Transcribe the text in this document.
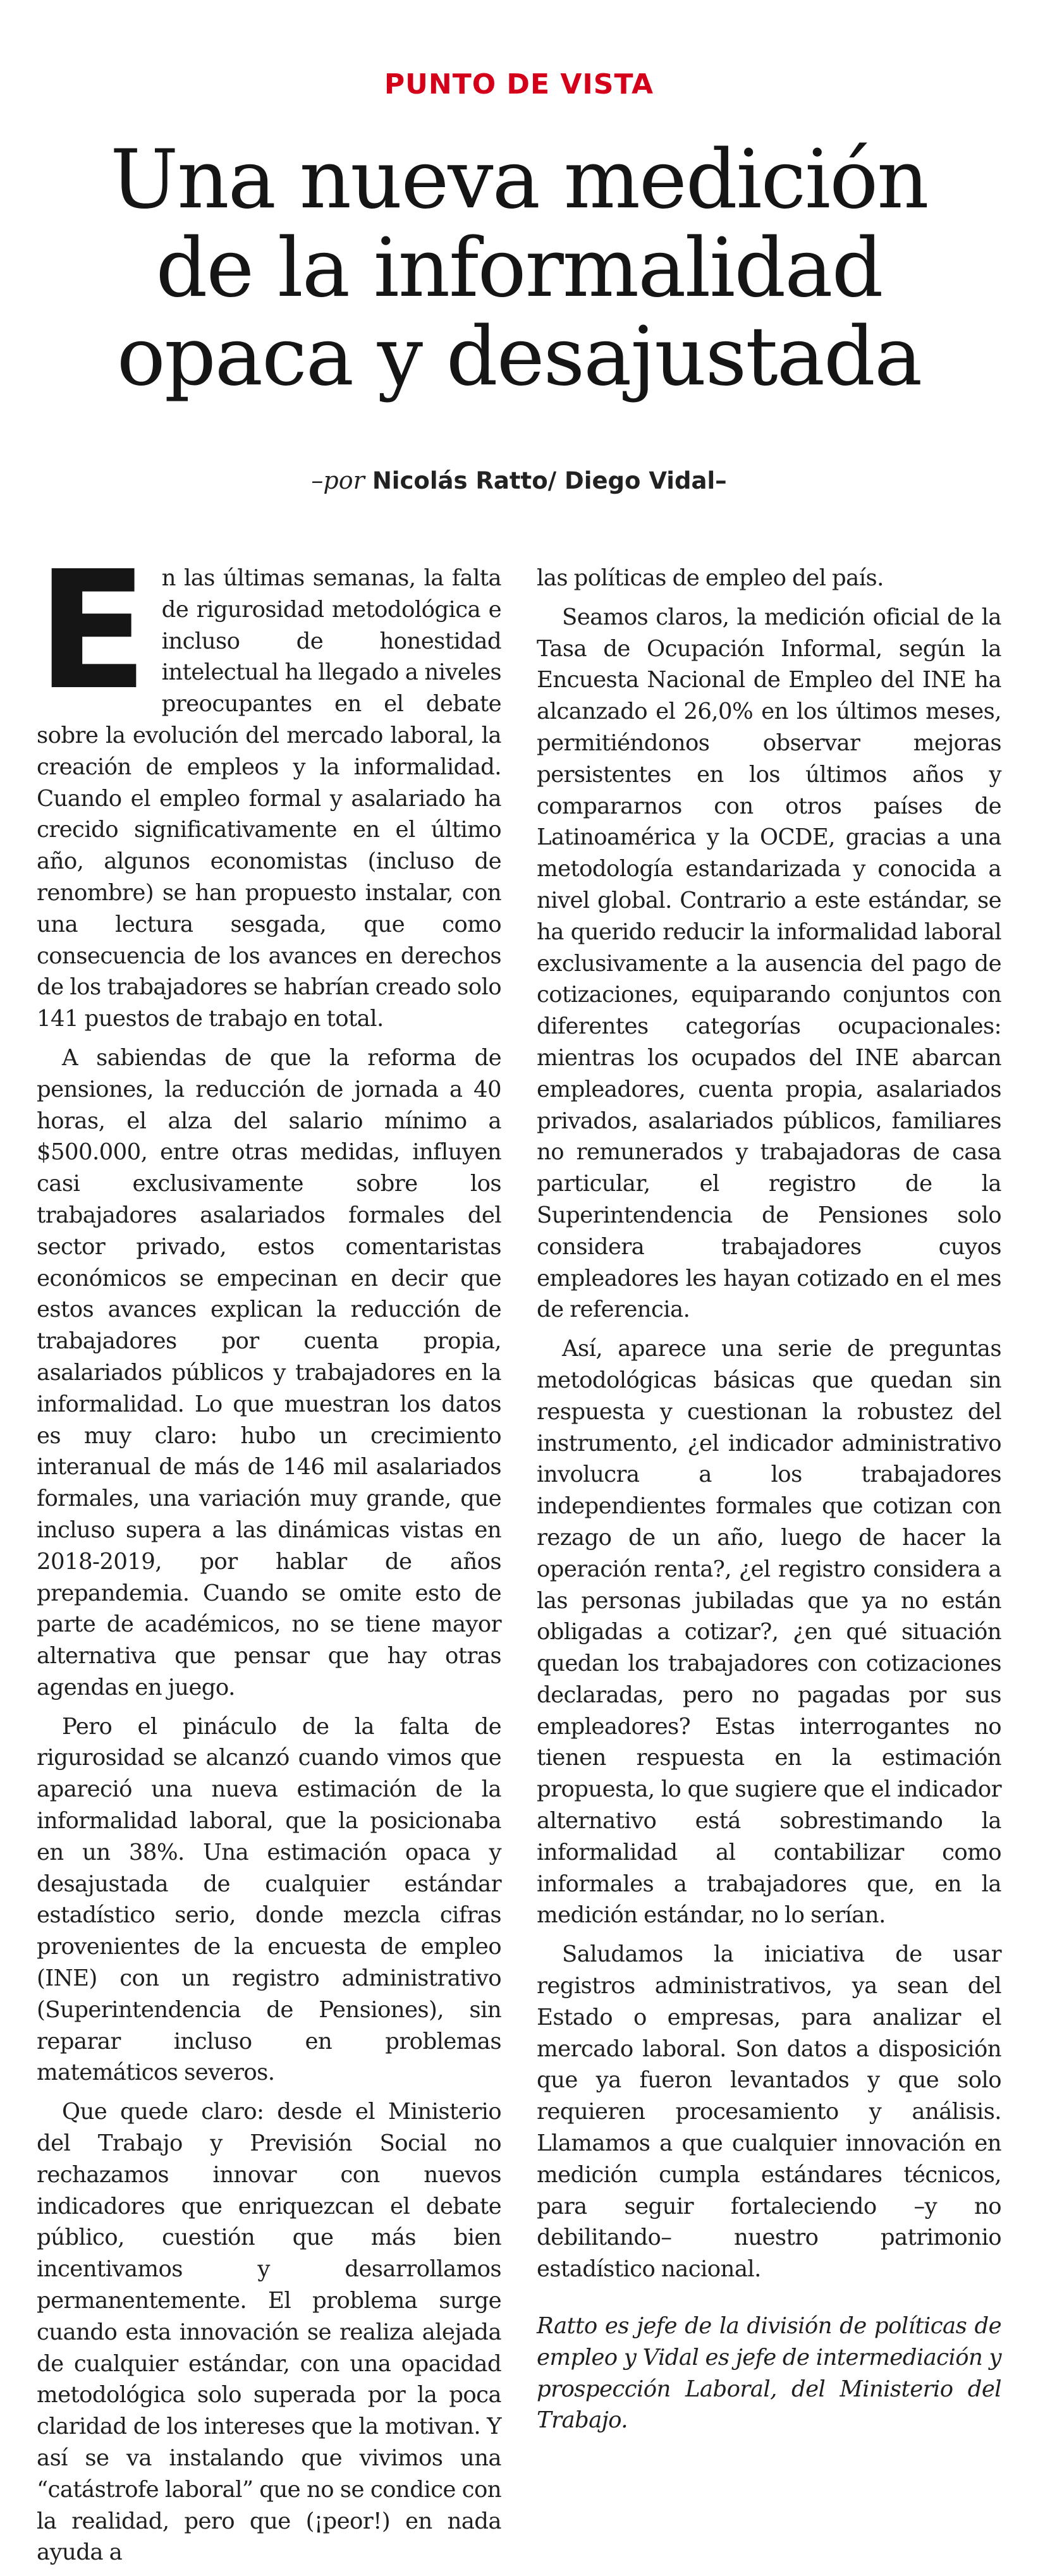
PUNTO DE VISTA
Una nueva medición
de la informalidad
opaca y desajustada
–por Nicolás Ratto/ Diego Vidal–

En las últimas semanas, la falta de rigurosidad metodológica e incluso de honestidad intelectual ha llegado a niveles preocupantes en el debate sobre la evolución del mercado laboral, la creación de empleos y la informalidad. Cuando el empleo formal y asalariado ha crecido significativamente en el último año, algunos economistas (incluso de renombre) se han propuesto instalar, con una lectura sesgada, que como consecuencia de los avances en derechos de los trabajadores se habrían creado solo 141 puestos de trabajo en total.

A sabiendas de que la reforma de pensiones, la reducción de jornada a 40 horas, el alza del salario mínimo a $500.000, entre otras medidas, influyen casi exclusivamente sobre los trabajadores asalariados formales del sector privado, estos comentaristas económicos se empecinan en decir que estos avances explican la reducción de trabajadores por cuenta propia, asalariados públicos y trabajadores en la informalidad. Lo que muestran los datos es muy claro: hubo un crecimiento interanual de más de 146 mil asalariados formales, una variación muy grande, que incluso supera a las dinámicas vistas en 2018-2019, por hablar de años prepandemia. Cuando se omite esto de parte de académicos, no se tiene mayor alternativa que pensar que hay otras agendas en juego.

Pero el pináculo de la falta de rigurosidad se alcanzó cuando vimos que apareció una nueva estimación de la informalidad laboral, que la posicionaba en un 38%. Una estimación opaca y desajustada de cualquier estándar estadístico serio, donde mezcla cifras provenientes de la encuesta de empleo (INE) con un registro administrativo (Superintendencia de Pensiones), sin reparar incluso en problemas matemáticos severos.

Que quede claro: desde el Ministerio del Trabajo y Previsión Social no rechazamos innovar con nuevos indicadores que enriquezcan el debate público, cuestión que más bien incentivamos y desarrollamos permanentemente. El problema surge cuando esta innovación se realiza alejada de cualquier estándar, con una opacidad metodológica solo superada por la poca claridad de los intereses que la motivan. Y así se va instalando que vivimos una “catástrofe laboral” que no se condice con la realidad, pero que (¡peor!) en nada ayuda a

las políticas de empleo del país.

Seamos claros, la medición oficial de la Tasa de Ocupación Informal, según la Encuesta Nacional de Empleo del INE ha alcanzado el 26,0% en los últimos meses, permitiéndonos observar mejoras persistentes en los últimos años y compararnos con otros países de Latinoamérica y la OCDE, gracias a una metodología estandarizada y conocida a nivel global. Contrario a este estándar, se ha querido reducir la informalidad laboral exclusivamente a la ausencia del pago de cotizaciones, equiparando conjuntos con diferentes categorías ocupacionales: mientras los ocupados del INE abarcan empleadores, cuenta propia, asalariados privados, asalariados públicos, familiares no remunerados y trabajadoras de casa particular, el registro de la Superintendencia de Pensiones solo considera trabajadores cuyos empleadores les hayan cotizado en el mes de referencia.

Así, aparece una serie de preguntas metodológicas básicas que quedan sin respuesta y cuestionan la robustez del instrumento, ¿el indicador administrativo involucra a los trabajadores independientes formales que cotizan con rezago de un año, luego de hacer la operación renta?, ¿el registro considera a las personas jubiladas que ya no están obligadas a cotizar?, ¿en qué situación quedan los trabajadores con cotizaciones declaradas, pero no pagadas por sus empleadores? Estas interrogantes no tienen respuesta en la estimación propuesta, lo que sugiere que el indicador alternativo está sobrestimando la informalidad al contabilizar como informales a trabajadores que, en la medición estándar, no lo serían.

Saludamos la iniciativa de usar registros administrativos, ya sean del Estado o empresas, para analizar el mercado laboral. Son datos a disposición que ya fueron levantados y que solo requieren procesamiento y análisis. Llamamos a que cualquier innovación en medición cumpla estándares técnicos, para seguir fortaleciendo –y no debilitando– nuestro patrimonio estadístico nacional.

Ratto es jefe de la división de políticas de empleo y Vidal es jefe de intermediación y prospección Laboral, del Ministerio del Trabajo.
